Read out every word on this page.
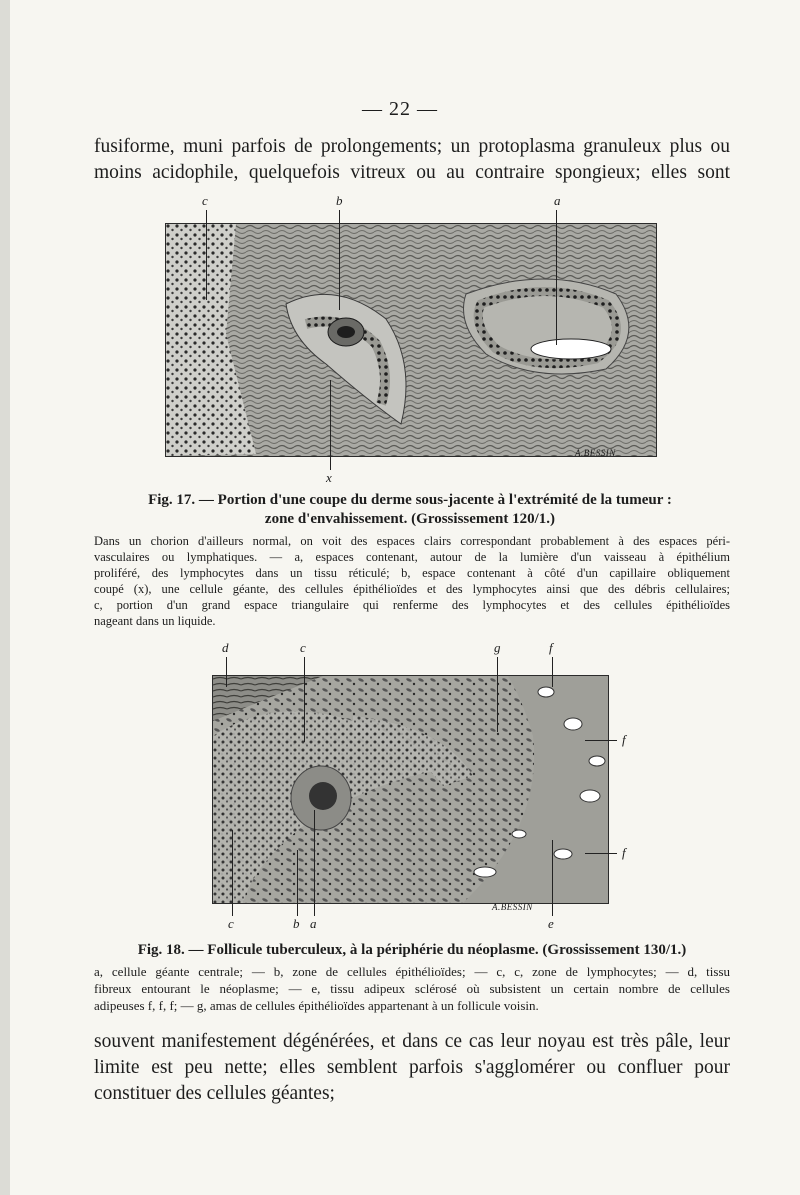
— 22 —
fusiforme, muni parfois de prolongements; un protoplasma granuleux plus ou
moins acidophile, quelquefois vitreux ou au contraire spongieux; elles sont
c	b	a
x
A.BESSIN
Fig. 17. — Portion d'une coupe du derme sous-jacente à l'extrémité de la tumeur :
zone d'envahissement. (Grossissement 120/1.)
Dans un chorion d'ailleurs normal, on voit des espaces clairs correspondant probablement à des espaces péri-
vasculaires ou lymphatiques. — a, espaces contenant, autour de la lumière d'un vaisseau à épithélium
proliféré, des lymphocytes dans un tissu réticulé; b, espace contenant à côté d'un capillaire obliquement
coupé (x), une cellule géante, des cellules épithélioïdes et des lymphocytes ainsi que des débris cellulaires;
c, portion d'un grand espace triangulaire qui renferme des lymphocytes et des cellules épithélioïdes
nageant dans un liquide.
d	c	g	f
f
f
c	b a	e
A.BESSIN
Fig. 18. — Follicule tuberculeux, à la périphérie du néoplasme. (Grossissement 130/1.)
a, cellule géante centrale; — b, zone de cellules épithélioïdes; — c, c, zone de lymphocytes; — d, tissu
fibreux entourant le néoplasme; — e, tissu adipeux sclérosé où subsistent un certain nombre de cellules
adipeuses f, f, f; — g, amas de cellules épithélioïdes appartenant à un follicule voisin.
souvent manifestement dégénérées, et dans ce cas leur noyau est très pâle, leur
limite est peu nette; elles semblent parfois s'agglomérer ou confluer pour
constituer des cellules géantes;
